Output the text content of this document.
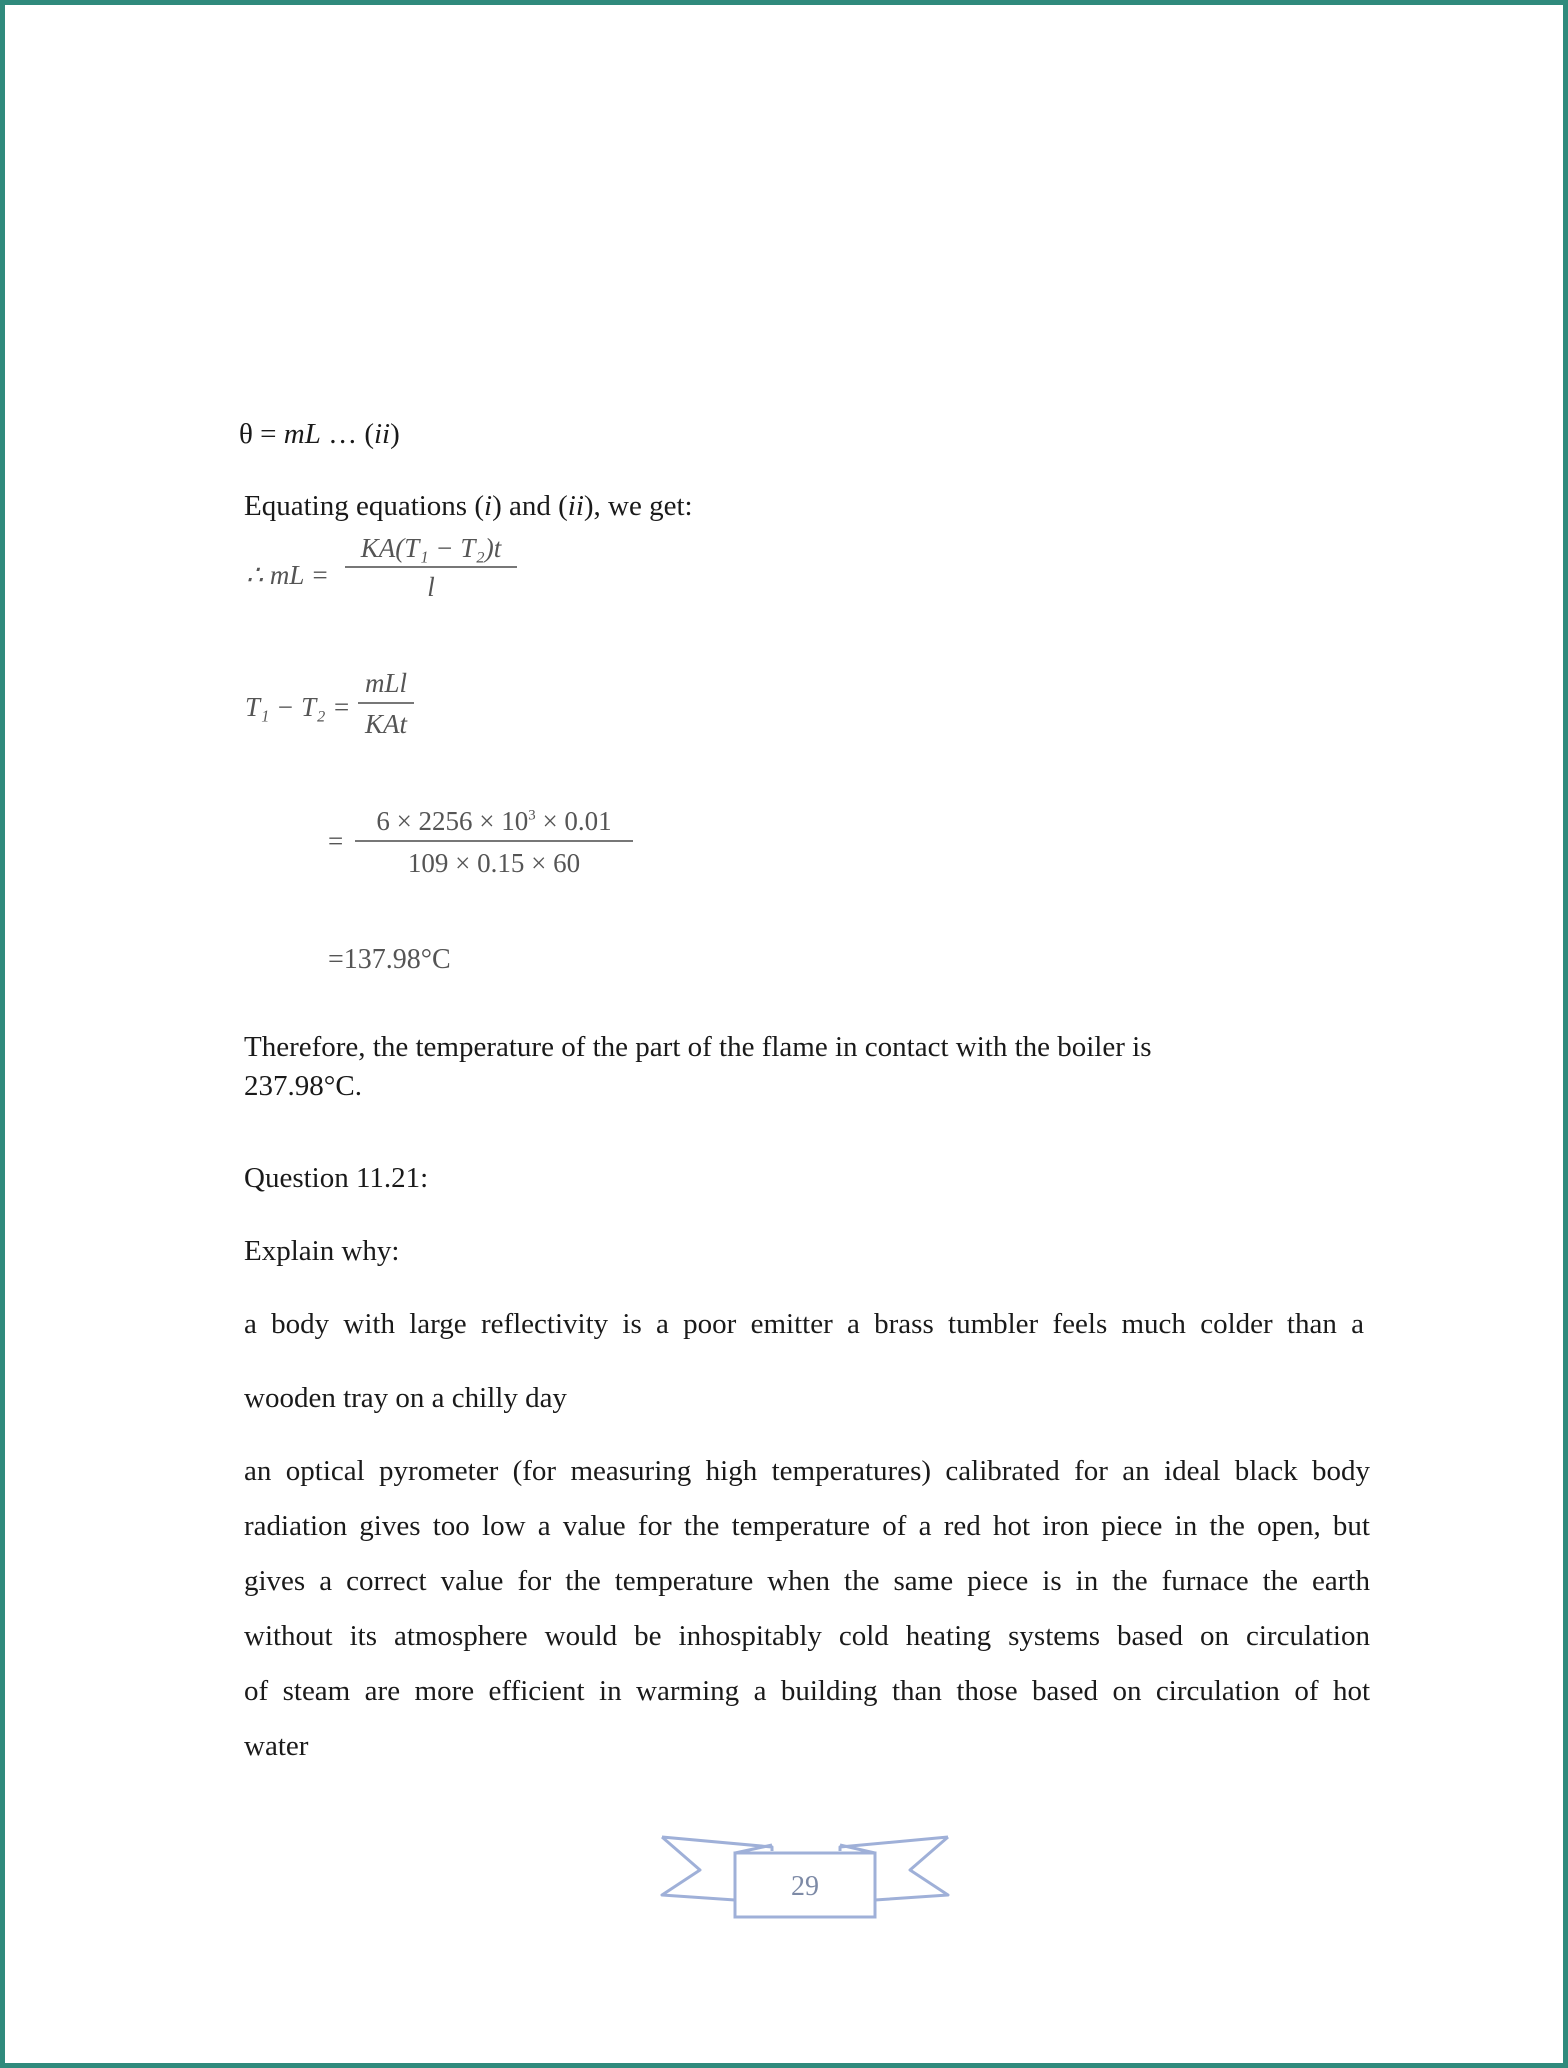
θ = mL … (ii)
Equating equations (i) and (ii), we get:
∴ mL =
KA(T₁ − T₂)t
l
T₁ − T₂ =
mLl
KAt
=
$6 \times 2256 \times 10^3 \times 0.01$
109 × 0.15 × 60
=137.98°C
Therefore, the temperature of the part of the flame in contact with the boiler is
237.98°C.
Question 11.21:
Explain why:
a body with large reflectivity is a poor emitter a brass tumbler feels much colder than a
wooden tray on a chilly day
an optical pyrometer (for measuring high temperatures) calibrated for an ideal black body
radiation gives too low a value for the temperature of a red hot iron piece in the open, but
gives a correct value for the temperature when the same piece is in the furnace the earth
without its atmosphere would be inhospitably cold heating systems based on circulation
of steam are more efficient in warming a building than those based on circulation of hot
water
29
